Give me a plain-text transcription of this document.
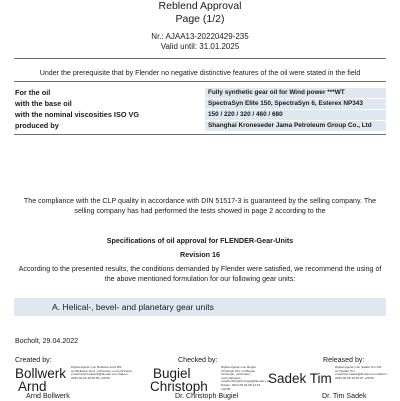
Reblend Approval
Page (1/2)
Nr.: AJAA13-20220429-235
Valid until: 31.01.2025
Under the prerequisite that by Flender no negative distinctive features of the oil were stated in the field
For the oil	Fully synthetic gear oil for Wind power ***WT
with the base oil	SpectraSyn Elite 150, SpectraSyn 6, Esterex NP343
with the nominal viscosities ISO VG	150 / 220 / 320 / 460 / 680
produced by	Shanghai Kroneseder Jama Petroleum Group Co., Ltd
The compliance with the CLP quality in accordance with DIN 51517-3 is guaranteed by the selling company. The selling company has had performed the tests showed in page 2 according to the
Specifications of oil approval for FLENDER-Gear-Units
Revision 16
According to the presented results, the conditions demanded by Flender were satisfied, we recommend the using of the above mentioned formulation for our following gear units:
A. Helical-, bevel- and planetary gear units
Bocholt, 29.04.2022
Created by:	Checked by:	Released by:
Bollwerk
Arnd
Digital signiert von Bollwerk Arnd DN: cn=Bollwerk Arnd, o=Flender, ou=Lubricants, email=arnd.bollwerk@flender.com Datum: 2022.04.29 16:45:59 +02'00'	Bugiel
Christoph
Digital signiert von Bugiel Christoph DN: cn=Bugiel Christoph, o=Flender, ou=Lubricants, email=christoph.bugiel@flender.com Datum: 2022.05.02 08:14:31 +02'00'
Sadek Tim
Digital signiert von Sadek Tim DN: cn=Sadek Tim, email=tim.sadek@flender.com Datum: 2022.05.09 16:46:07 +02'00'
Arnd Bollwerk	Dr. Christoph Bugiel	Dr. Tim Sadek
